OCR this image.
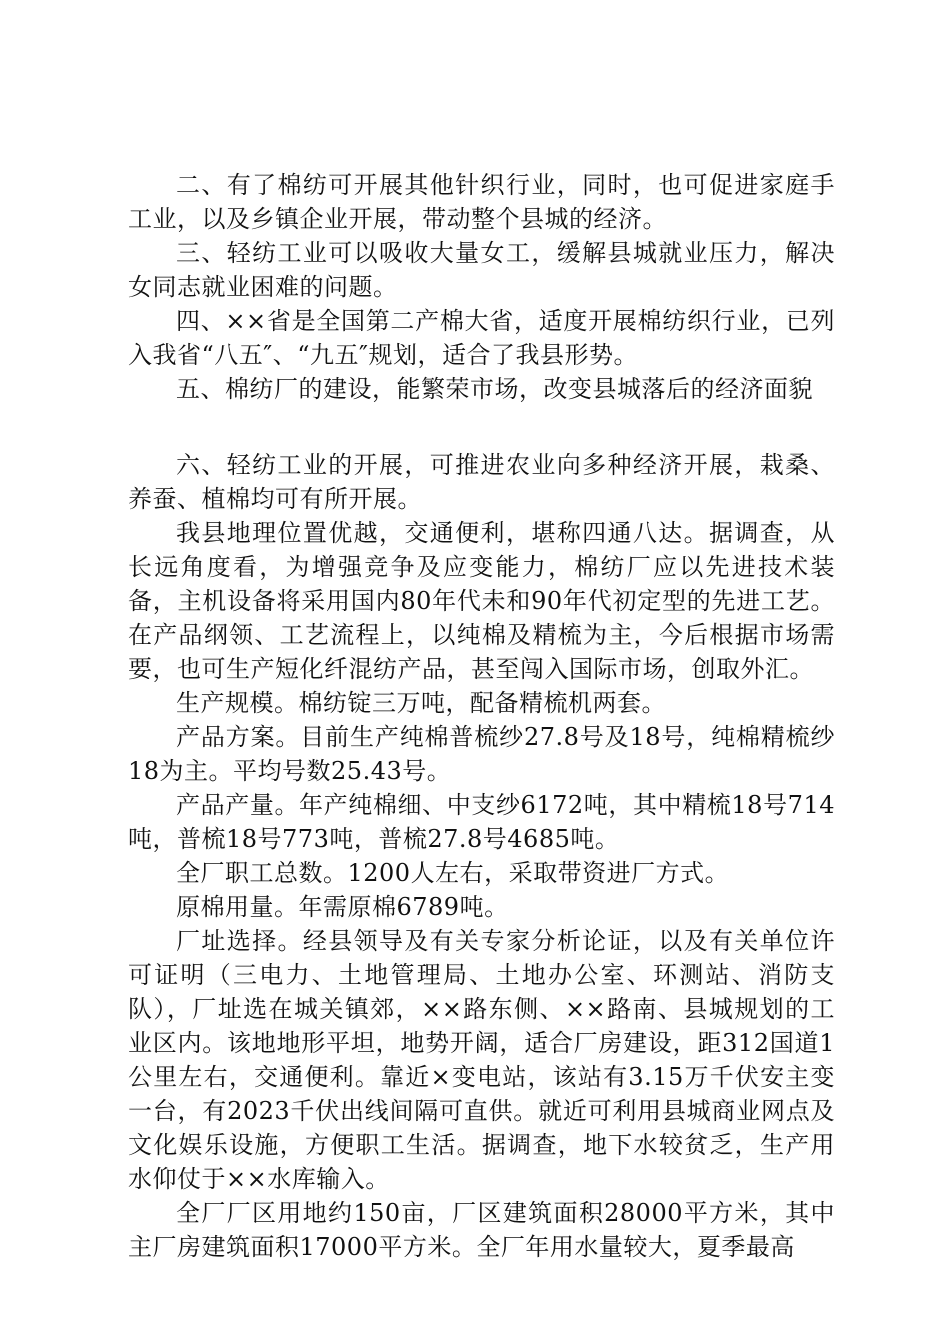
二、有了棉纺可开展其他针织行业，同时，也可促进家庭手工业，以及乡镇企业开展，带动整个县城的经济。

三、轻纺工业可以吸收大量女工，缓解县城就业压力，解决女同志就业困难的问题。

四、××省是全国第二产棉大省，适度开展棉纺织行业，已列入我省“八五″、“九五″规划，适合了我县形势。

五、棉纺厂的建设，能繁荣市场，改变县城落后的经济面貌

六、轻纺工业的开展，可推进农业向多种经济开展，栽桑、养蚕、植棉均可有所开展。

我县地理位置优越，交通便利，堪称四通八达。据调查，从长远角度看，为增强竞争及应变能力，棉纺厂应以先进技术装备，主机设备将采用国内80年代未和90年代初定型的先进工艺。在产品纲领、工艺流程上，以纯棉及精梳为主，今后根据市场需要，也可生产短化纤混纺产品，甚至闯入国际市场，创取外汇。

生产规模。棉纺锭三万吨，配备精梳机两套。

产品方案。目前生产纯棉普梳纱27.8号及18号，纯棉精梳纱18为主。平均号数25.43号。

产品产量。年产纯棉细、中支纱6172吨，其中精梳18号714吨，普梳18号773吨，普梳27.8号4685吨。

全厂职工总数。1200人左右，采取带资进厂方式。

原棉用量。年需原棉6789吨。

厂址选择。经县领导及有关专家分析论证，以及有关单位许可证明（三电力、土地管理局、土地办公室、环测站、消防支队），厂址选在城关镇郊，××路东侧、××路南、县城规划的工业区内。该地地形平坦，地势开阔，适合厂房建设，距312国道1公里左右，交通便利。靠近×变电站，该站有3.15万千伏安主变一台，有2023千伏出线间隔可直供。就近可利用县城商业网点及文化娱乐设施，方便职工生活。据调查，地下水较贫乏，生产用水仰仗于××水库输入。

全厂厂区用地约150亩，厂区建筑面积28000平方米，其中主厂房建筑面积17000平方米。全厂年用水量较大，夏季最高
